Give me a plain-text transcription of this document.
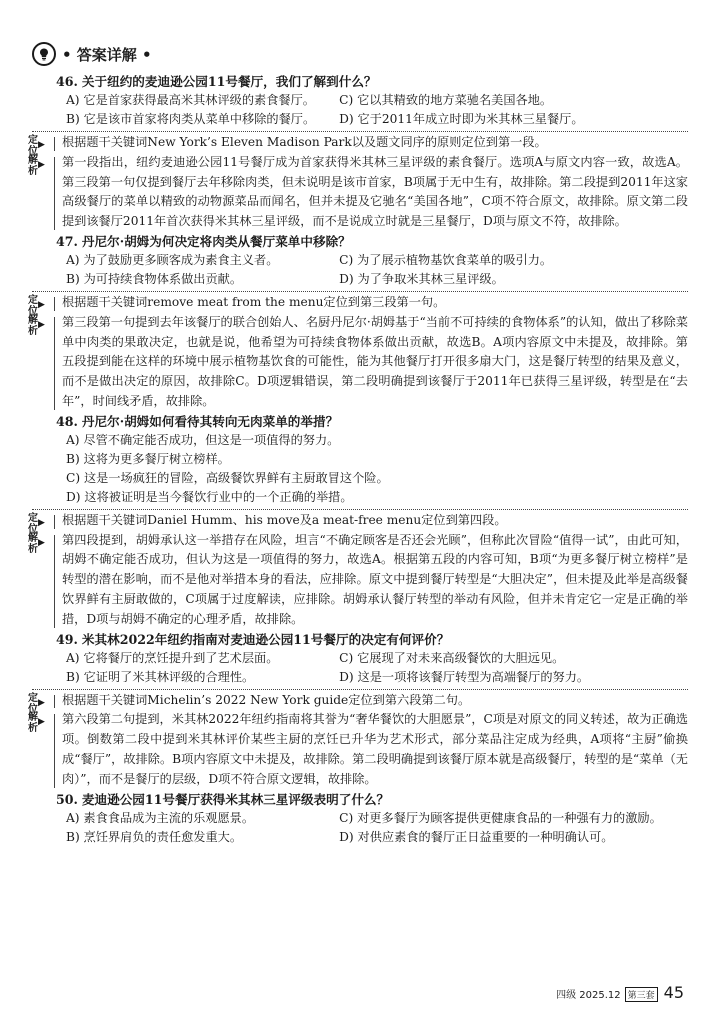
• 答案详解 •

46. 关于纽约的麦迪逊公园11号餐厅，我们了解到什么？

A) 它是首家获得最高米其林评级的素食餐厅。	C) 它以其精致的地方菜驰名美国各地。
B) 它是该市首家将肉类从菜单中移除的餐厅。	D) 它于2011年成立时即为米其林三星餐厅。
定位
▶ 根据题干关键词New York’s Eleven Madison Park以及题文同序的原则定位到第一段。
解析
▶ 第一段指出，纽约麦迪逊公园11号餐厅成为首家获得米其林三星评级的素食餐厅。选项A与原文内容一致，故选A。第三段第一句仅提到餐厅去年移除肉类，但未说明是该市首家，B项属于无中生有，故排除。第二段提到2011年这家高级餐厅的菜单以精致的动物源菜品而闻名，但并未提及它驰名“美国各地”，C项不符合原文，故排除。原文第二段提到该餐厅2011年首次获得米其林三星评级，而不是说成立时就是三星餐厅，D项与原文不符，故排除。

47. 丹尼尔·胡姆为何决定将肉类从餐厅菜单中移除？

A) 为了鼓励更多顾客成为素食主义者。	C) 为了展示植物基饮食菜单的吸引力。
B) 为可持续食物体系做出贡献。	D) 为了争取米其林三星评级。
定位
▶ 根据题干关键词remove meat from the menu定位到第三段第一句。
解析
▶ 第三段第一句提到去年该餐厅的联合创始人、名厨丹尼尔·胡姆基于“当前不可持续的食物体系”的认知，做出了移除菜单中肉类的果敢决定，也就是说，他希望为可持续食物体系做出贡献，故选B。A项内容原文中未提及，故排除。第五段提到能在这样的环境中展示植物基饮食的可能性，能为其他餐厅打开很多扇大门，这是餐厅转型的结果及意义，而不是做出决定的原因，故排除C。D项逻辑错误，第二段明确提到该餐厅于2011年已获得三星评级，转型是在“去年”，时间线矛盾，故排除。

48. 丹尼尔·胡姆如何看待其转向无肉菜单的举措？

A) 尽管不确定能否成功，但这是一项值得的努力。
B) 这将为更多餐厅树立榜样。
C) 这是一场疯狂的冒险，高级餐饮界鲜有主厨敢冒这个险。
D) 这将被证明是当今餐饮行业中的一个正确的举措。
定位
▶ 根据题干关键词Daniel Humm、his move及a meat-free menu定位到第四段。
解析
▶ 第四段提到，胡姆承认这一举措存在风险，坦言“不确定顾客是否还会光顾”，但称此次冒险“值得一试”，由此可知，胡姆不确定能否成功，但认为这是一项值得的努力，故选A。根据第五段的内容可知，B项“为更多餐厅树立榜样”是转型的潜在影响，而不是他对举措本身的看法，应排除。原文中提到餐厅转型是“大胆决定”，但未提及此举是高级餐饮界鲜有主厨敢做的，C项属于过度解读，应排除。胡姆承认餐厅转型的举动有风险，但并未肯定它一定是正确的举措，D项与胡姆不确定的心理矛盾，故排除。

49. 米其林2022年纽约指南对麦迪逊公园11号餐厅的决定有何评价？

A) 它将餐厅的烹饪提升到了艺术层面。	C) 它展现了对未来高级餐饮的大胆远见。
B) 它证明了米其林评级的合理性。	D) 这是一项将该餐厅转型为高端餐厅的努力。
定位
▶ 根据题干关键词Michelin’s 2022 New York guide定位到第六段第二句。
解析
▶ 第六段第二句提到，米其林2022年纽约指南将其誉为“奢华餐饮的大胆愿景”，C项是对原文的同义转述，故为正确选项。倒数第二段中提到米其林评价某些主厨的烹饪已升华为艺术形式，部分菜品注定成为经典，A项将“主厨”偷换成“餐厅”，故排除。B项内容原文中未提及，故排除。第二段明确提到该餐厅原本就是高级餐厅，转型的是“菜单（无肉）”，而不是餐厅的层级，D项不符合原文逻辑，故排除。

50. 麦迪逊公园11号餐厅获得米其林三星评级表明了什么？

A) 素食食品成为主流的乐观愿景。	C) 对更多餐厅为顾客提供更健康食品的一种强有力的激励。
B) 烹饪界肩负的责任愈发重大。	D) 对供应素食的餐厅正日益重要的一种明确认可。
四级 2025.12 第三套 45
